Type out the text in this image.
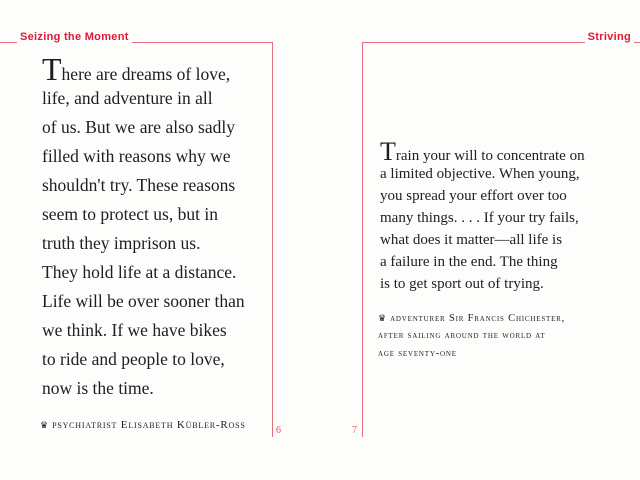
Seizing the Moment
There are dreams of love,
life, and adventure in all
of us. But we are also sadly
filled with reasons why we
shouldn't try. These reasons
seem to protect us, but in
truth they imprison us.
They hold life at a distance.
Life will be over sooner than
we think. If we have bikes
to ride and people to love,
now is the time.
♛ psychiatrist Elisabeth Kübler-Ross	6
Striving
Train your will to concentrate on
a limited objective. When young,
you spread your effort over too
many things. . . . If your try fails,
what does it matter—all life is
a failure in the end. The thing
is to get sport out of trying.
♛ adventurer Sir Francis Chichester,
after sailing around the world at
age seventy-one
7
